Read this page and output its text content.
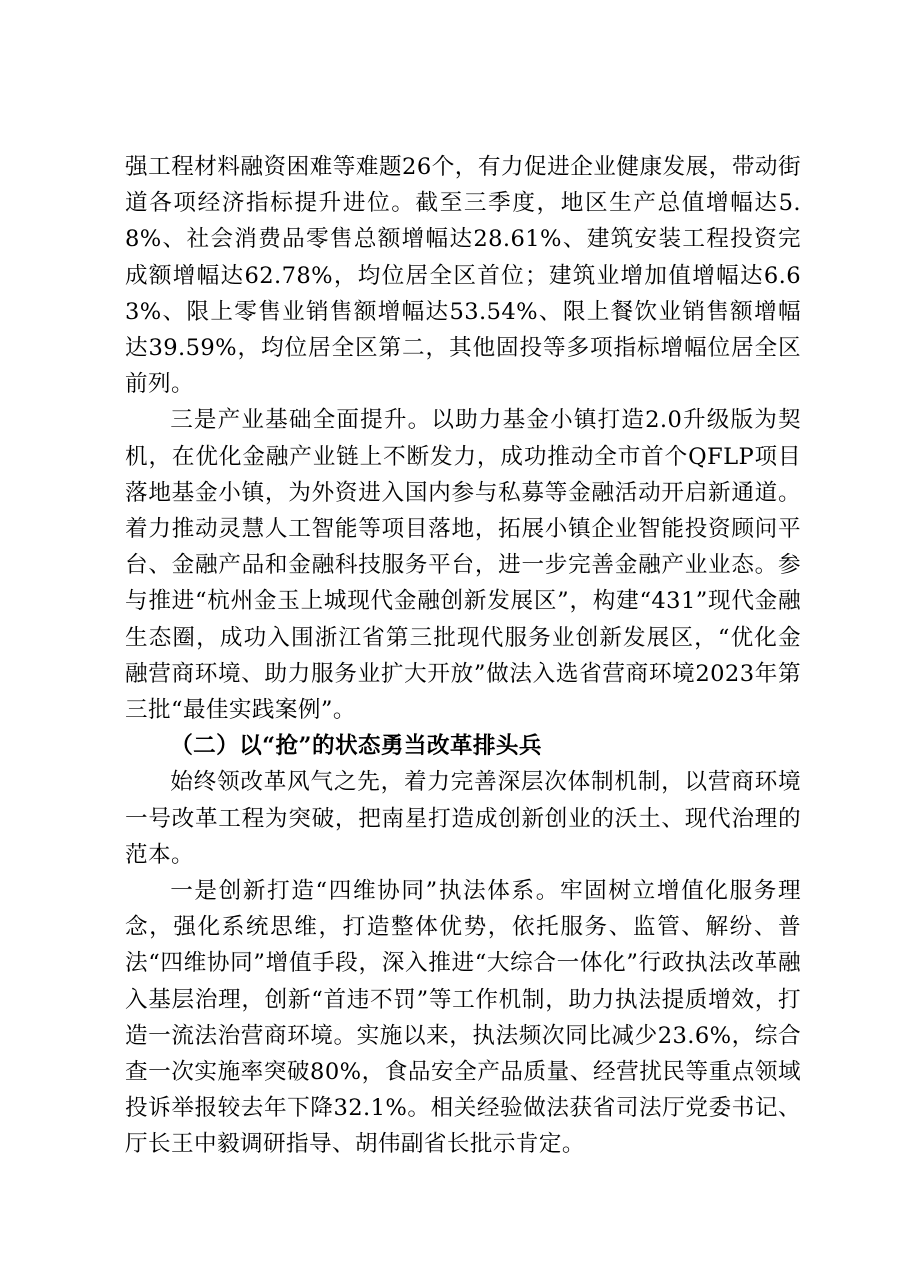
强工程材料融资困难等难题26个，有力促进企业健康发展，带动街道各项经济指标提升进位。截至三季度，地区生产总值增幅达5.8%、社会消费品零售总额增幅达28.61%、建筑安装工程投资完成额增幅达62.78%，均位居全区首位；建筑业增加值增幅达6.63%、限上零售业销售额增幅达53.54%、限上餐饮业销售额增幅达39.59%，均位居全区第二，其他固投等多项指标增幅位居全区前列。

三是产业基础全面提升。以助力基金小镇打造2.0升级版为契机，在优化金融产业链上不断发力，成功推动全市首个QFLP项目落地基金小镇，为外资进入国内参与私募等金融活动开启新通道。着力推动灵慧人工智能等项目落地，拓展小镇企业智能投资顾问平台、金融产品和金融科技服务平台，进一步完善金融产业业态。参与推进“杭州金玉上城现代金融创新发展区”，构建“431”现代金融生态圈，成功入围浙江省第三批现代服务业创新发展区，“优化金融营商环境、助力服务业扩大开放”做法入选省营商环境2023年第三批“最佳实践案例”。

（二）以“抢”的状态勇当改革排头兵

始终领改革风气之先，着力完善深层次体制机制，以营商环境一号改革工程为突破，把南星打造成创新创业的沃土、现代治理的范本。

一是创新打造“四维协同”执法体系。牢固树立增值化服务理念，强化系统思维，打造整体优势，依托服务、监管、解纷、普法“四维协同”增值手段，深入推进“大综合一体化”行政执法改革融入基层治理，创新“首违不罚”等工作机制，助力执法提质增效，打造一流法治营商环境。实施以来，执法频次同比减少23.6%，综合查一次实施率突破80%，食品安全产品质量、经营扰民等重点领域投诉举报较去年下降32.1%。相关经验做法获省司法厅党委书记、厅长王中毅调研指导、胡伟副省长批示肯定。
